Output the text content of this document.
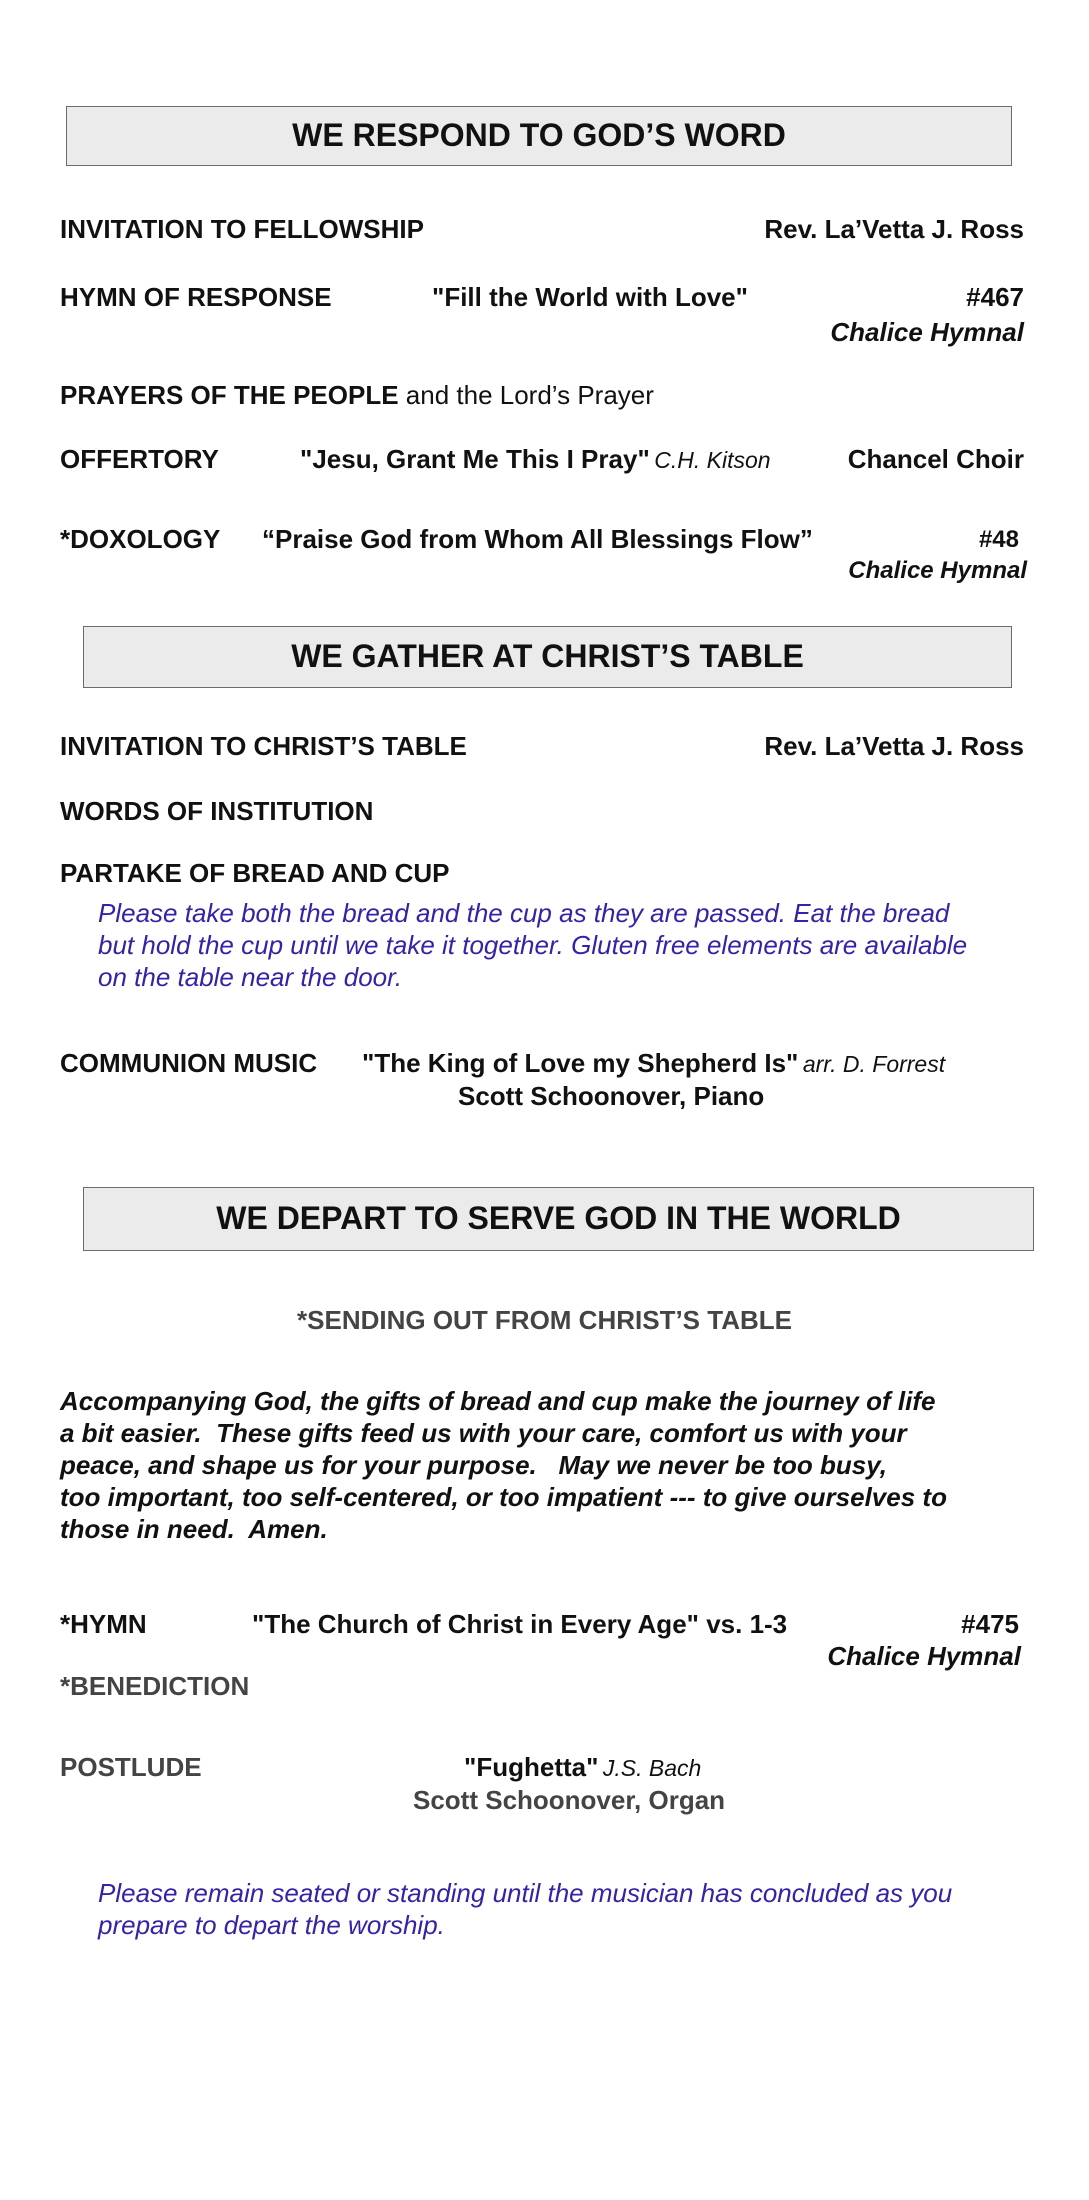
WE RESPOND TO GOD’S WORD
INVITATION TO FELLOWSHIP	Rev. La’Vetta J. Ross
HYMN OF RESPONSE	"Fill the World with Love"	#467
Chalice Hymnal
PRAYERS OF THE PEOPLE and the Lord’s Prayer
OFFERTORY	"Jesu, Grant Me This I Pray" C.H. Kitson	Chancel Choir
*DOXOLOGY “Praise God from Whom All Blessings Flow”	#48
Chalice Hymnal
WE GATHER AT CHRIST’S TABLE
INVITATION TO CHRIST’S TABLE	Rev. La’Vetta J. Ross
WORDS OF INSTITUTION
PARTAKE OF BREAD AND CUP
Please take both the bread and the cup as they are passed. Eat the bread
but hold the cup until we take it together. Gluten free elements are available
on the table near the door.
COMMUNION MUSIC "The King of Love my Shepherd Is" arr. D. Forrest
Scott Schoonover, Piano
WE DEPART TO SERVE GOD IN THE WORLD
*SENDING OUT FROM CHRIST’S TABLE
Accompanying God, the gifts of bread and cup make the journey of life
a bit easier.  These gifts feed us with your care, comfort us with your
peace, and shape us for your purpose.   May we never be too busy,
too important, too self-centered, or too impatient --- to give ourselves to
those in need.  Amen.
*HYMN	"The Church of Christ in Every Age" vs. 1-3	#475
Chalice Hymnal
*BENEDICTION
POSTLUDE	"Fughetta" J.S. Bach
Scott Schoonover, Organ
Please remain seated or standing until the musician has concluded as you
prepare to depart the worship.
